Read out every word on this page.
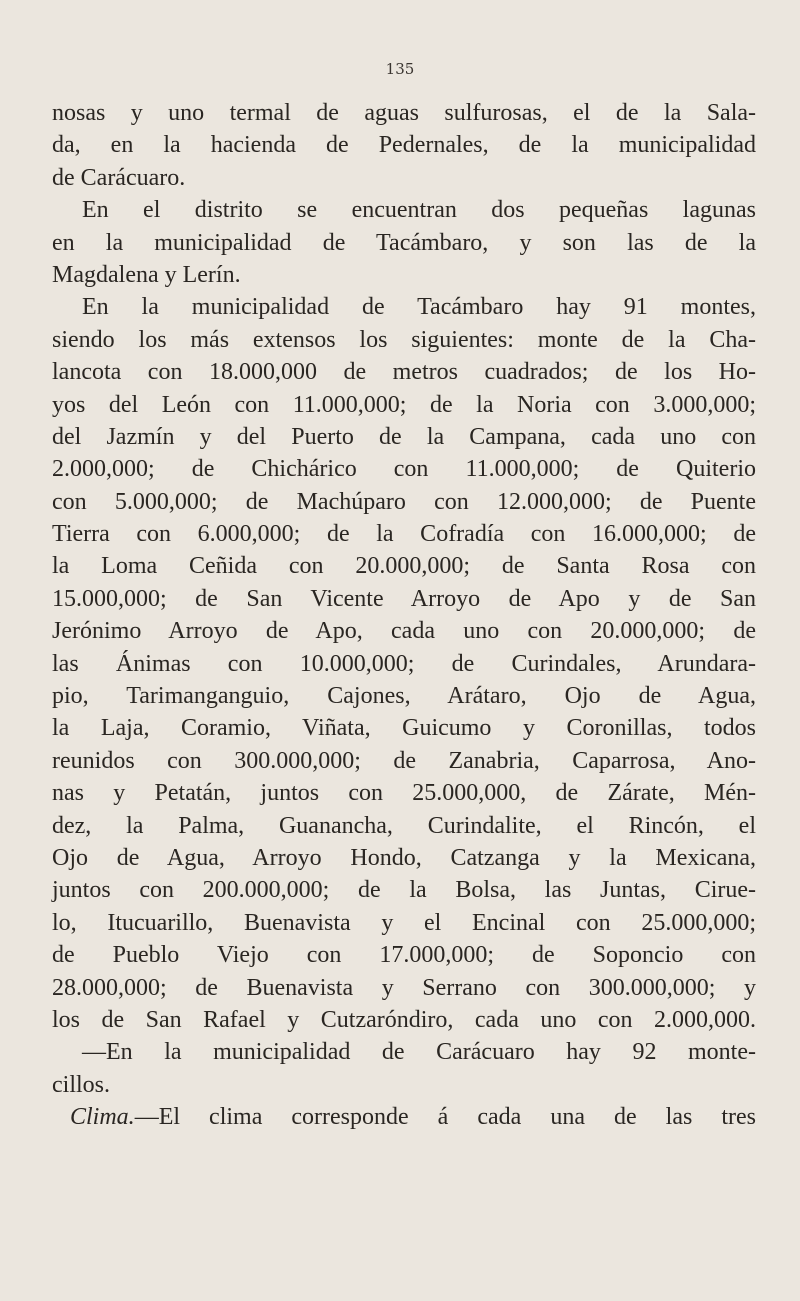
135

nosas y uno termal de aguas sulfurosas, el de la Sala-
da, en la hacienda de Pedernales, de la municipalidad
de Carácuaro.
En el distrito se encuentran dos pequeñas lagunas
en la municipalidad de Tacámbaro, y son las de la
Magdalena y Lerín.
En la municipalidad de Tacámbaro hay 91 montes,
siendo los más extensos los siguientes: monte de la Cha-
lancota con 18.000,000 de metros cuadrados; de los Ho-
yos del León con 11.000,000; de la Noria con 3.000,000;
del Jazmín y del Puerto de la Campana, cada uno con
2.000,000; de Chichárico con 11.000,000; de Quiterio
con 5.000,000; de Machúparo con 12.000,000; de Puente
Tierra con 6.000,000; de la Cofradía con 16.000,000; de
la Loma Ceñida con 20.000,000; de Santa Rosa con
15.000,000; de San Vicente Arroyo de Apo y de San
Jerónimo Arroyo de Apo, cada uno con 20.000,000; de
las Ánimas con 10.000,000; de Curindales, Arundara-
pio, Tarimanganguio, Cajones, Arátaro, Ojo de Agua,
la Laja, Coramio, Viñata, Guicumo y Coronillas, todos
reunidos con 300.000,000; de Zanabria, Caparrosa, Ano-
nas y Petatán, juntos con 25.000,000, de Zárate, Mén-
dez, la Palma, Guanancha, Curindalite, el Rincón, el
Ojo de Agua, Arroyo Hondo, Catzanga y la Mexicana,
juntos con 200.000,000; de la Bolsa, las Juntas, Cirue-
lo, Itucuarillo, Buenavista y el Encinal con 25.000,000;
de Pueblo Viejo con 17.000,000; de Soponcio con
28.000,000; de Buenavista y Serrano con 300.000,000; y
los de San Rafael y Cutzaróndiro, cada uno con 2.000,000.
—En la municipalidad de Carácuaro hay 92 monte-
cillos.
Clima.—El clima corresponde á cada una de las tres
